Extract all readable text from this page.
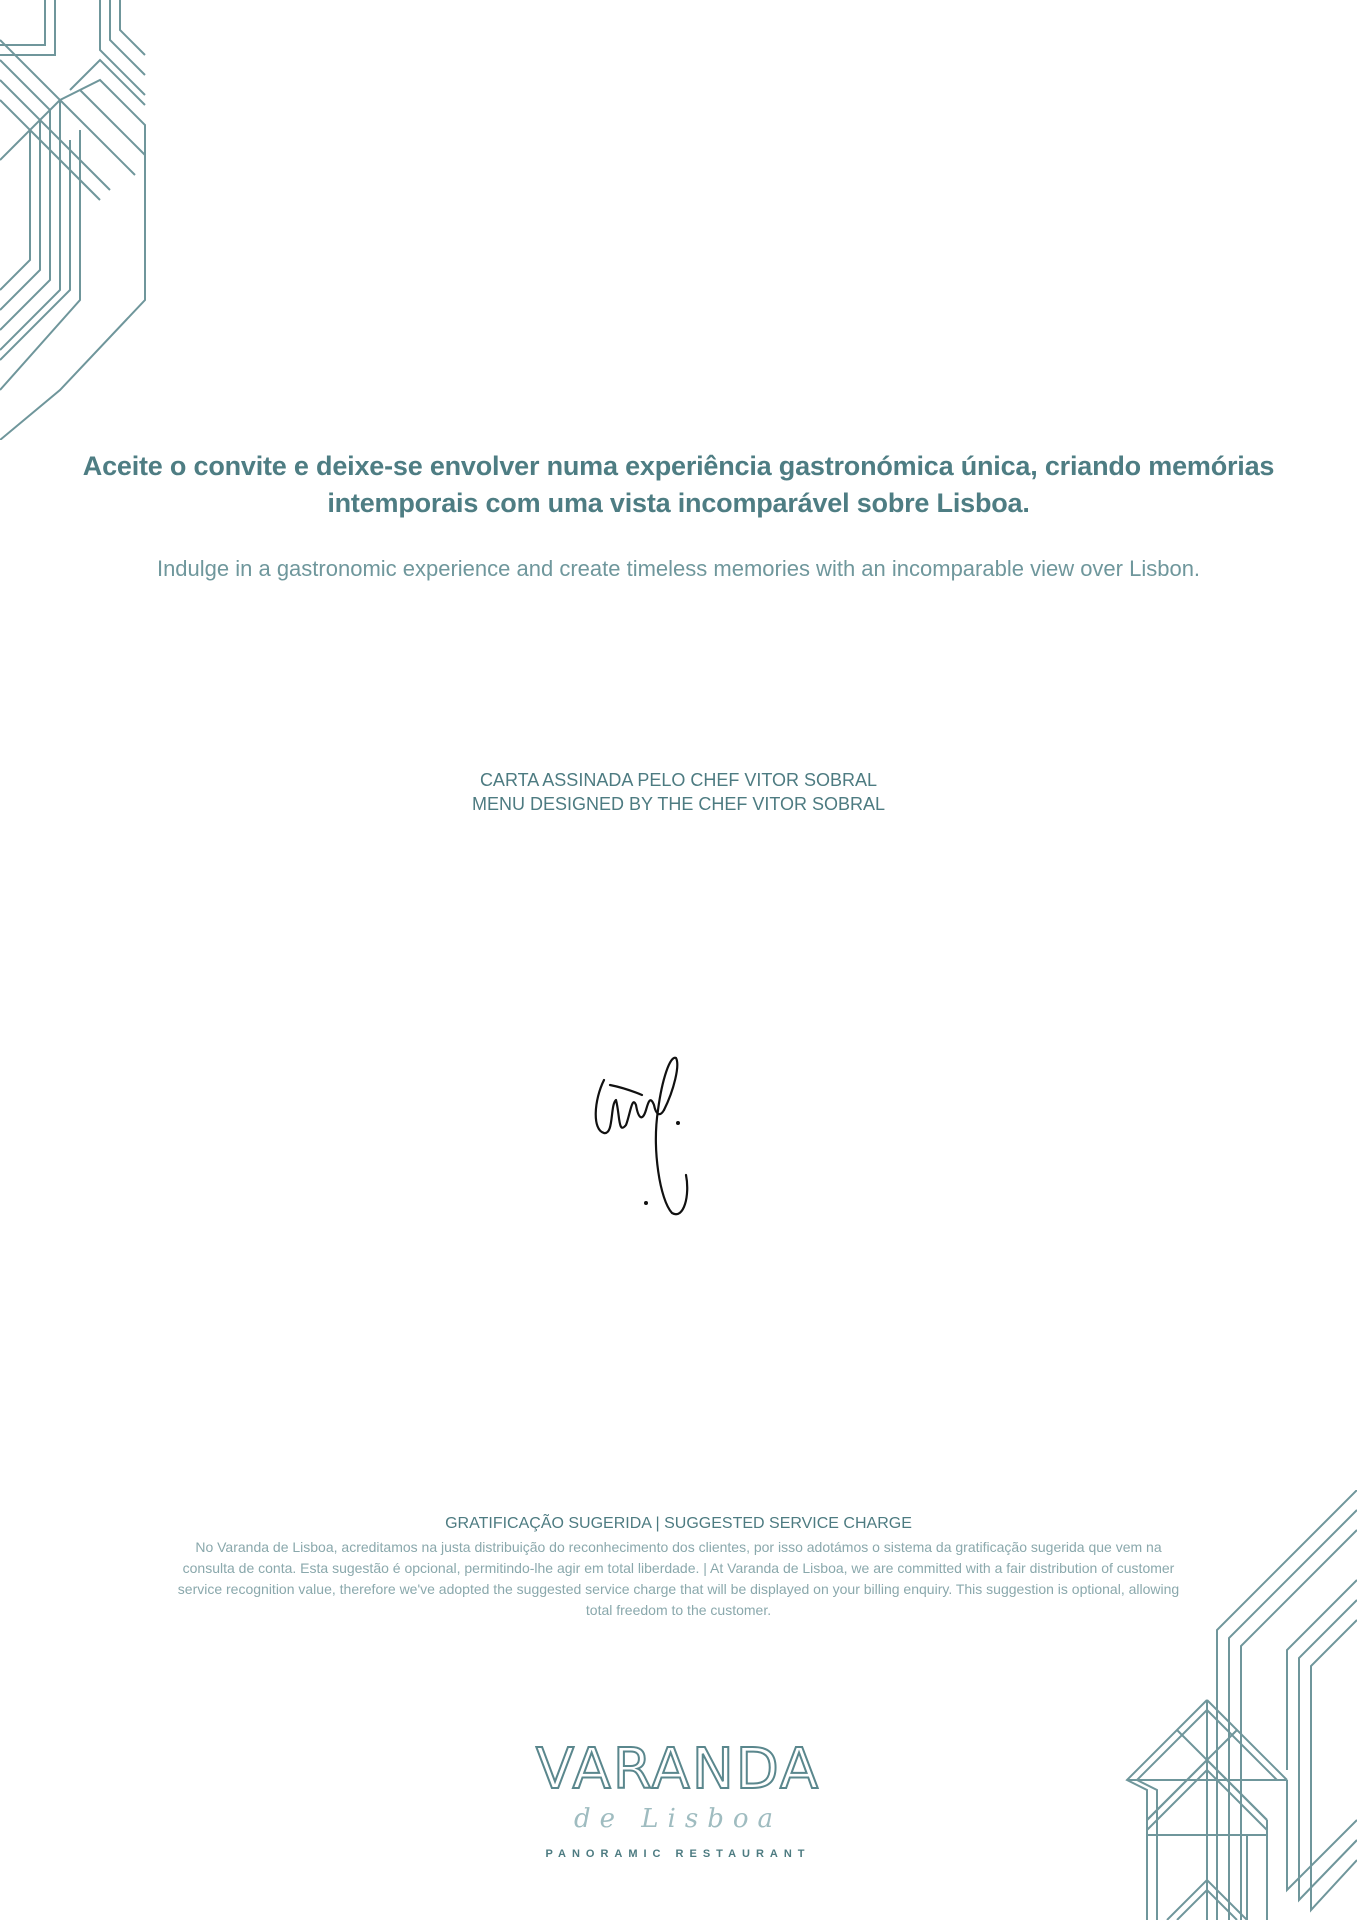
Aceite o convite e deixe-se envolver numa experiência gastronómica única, criando memórias intemporais com uma vista incomparável sobre Lisboa.

Indulge in a gastronomic experience and create timeless memories with an incomparable view over Lisbon.

CARTA ASSINADA PELO CHEF VITOR SOBRAL
MENU DESIGNED BY THE CHEF VITOR SOBRAL
GRATIFICAÇÃO SUGERIDA | SUGGESTED SERVICE CHARGE
No Varanda de Lisboa, acreditamos na justa distribuição do reconhecimento dos clientes, por isso adotámos o sistema da gratificação sugerida que vem na consulta de conta. Esta sugestão é opcional, permitindo-lhe agir em total liberdade. | At Varanda de Lisboa, we are committed with a fair distribution of customer service recognition value, therefore we've adopted the suggested service charge that will be displayed on your billing enquiry. This suggestion is optional, allowing total freedom to the customer.
VARANDA
de Lisboa
PANORAMIC RESTAURANT
